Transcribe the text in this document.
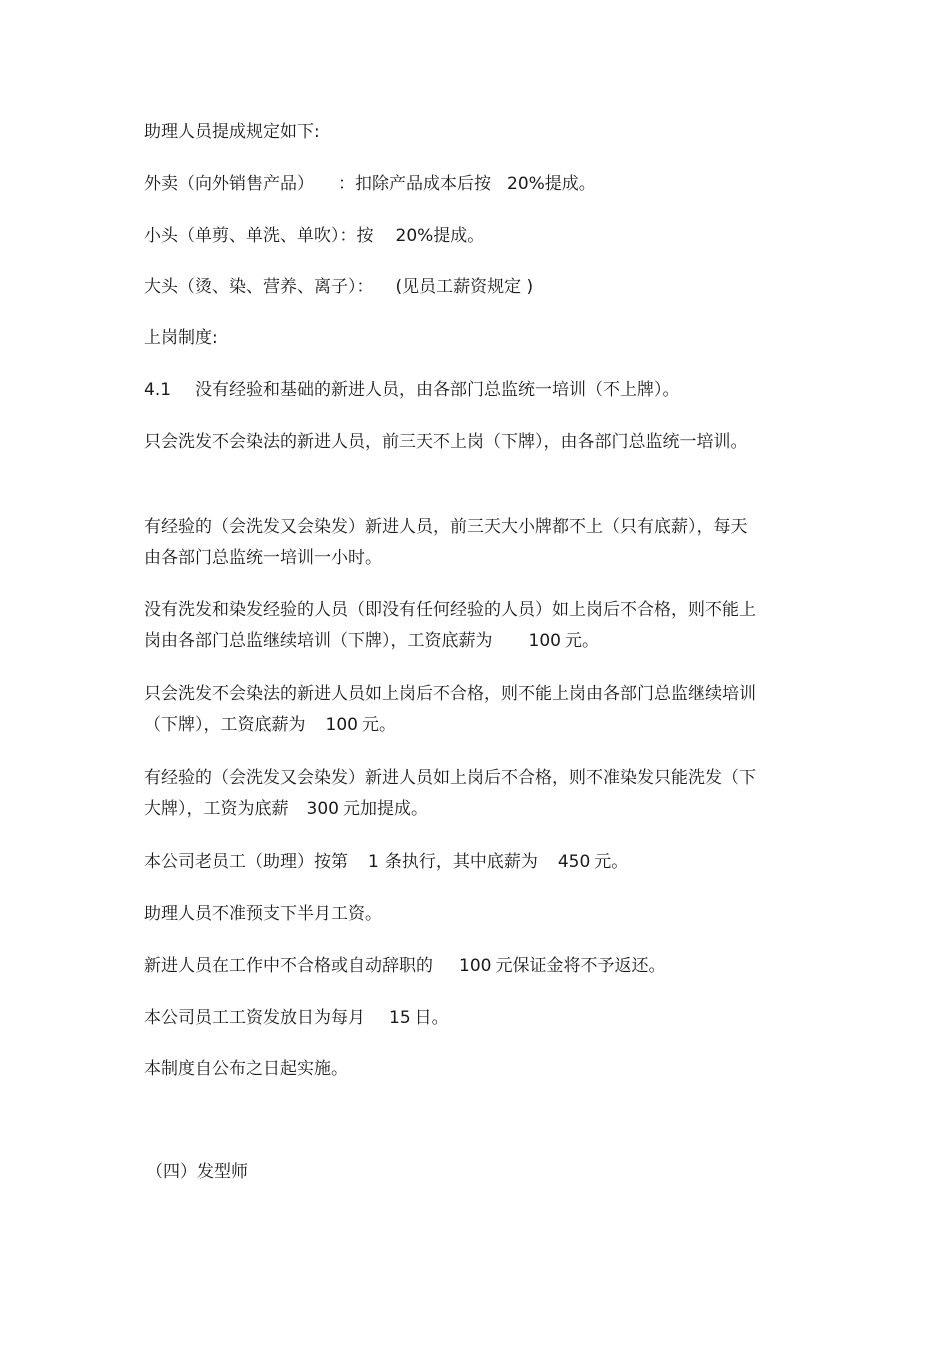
助理人员提成规定如下:

外卖（向外销售产品） ：扣除产品成本后按 20%提成。

小头（单剪、单洗、单吹）：按 20%提成。

大头（烫、染、营养、离子）： (见员工薪资规定 )

上岗制度:

4.1 没有经验和基础的新进人员，由各部门总监统一培训（不上牌）。

只会洗发不会染法的新进人员，前三天不上岗（下牌），由各部门总监统一培训。

有经验的（会洗发又会染发）新进人员，前三天大小牌都不上（只有底薪），每天由各部门总监统一培训一小时。

没有洗发和染发经验的人员（即没有任何经验的人员）如上岗后不合格，则不能上岗由各部门总监继续培训（下牌），工资底薪为 100 元。

只会洗发不会染法的新进人员如上岗后不合格，则不能上岗由各部门总监继续培训（下牌），工资底薪为 100 元。

有经验的（会洗发又会染发）新进人员如上岗后不合格，则不准染发只能洗发（下大牌），工资为底薪 300 元加提成。

本公司老员工（助理）按第 1 条执行，其中底薪为 450 元。

助理人员不准预支下半月工资。

新进人员在工作中不合格或自动辞职的 100 元保证金将不予返还。

本公司员工工资发放日为每月 15 日。

本制度自公布之日起实施。

（四）发型师
